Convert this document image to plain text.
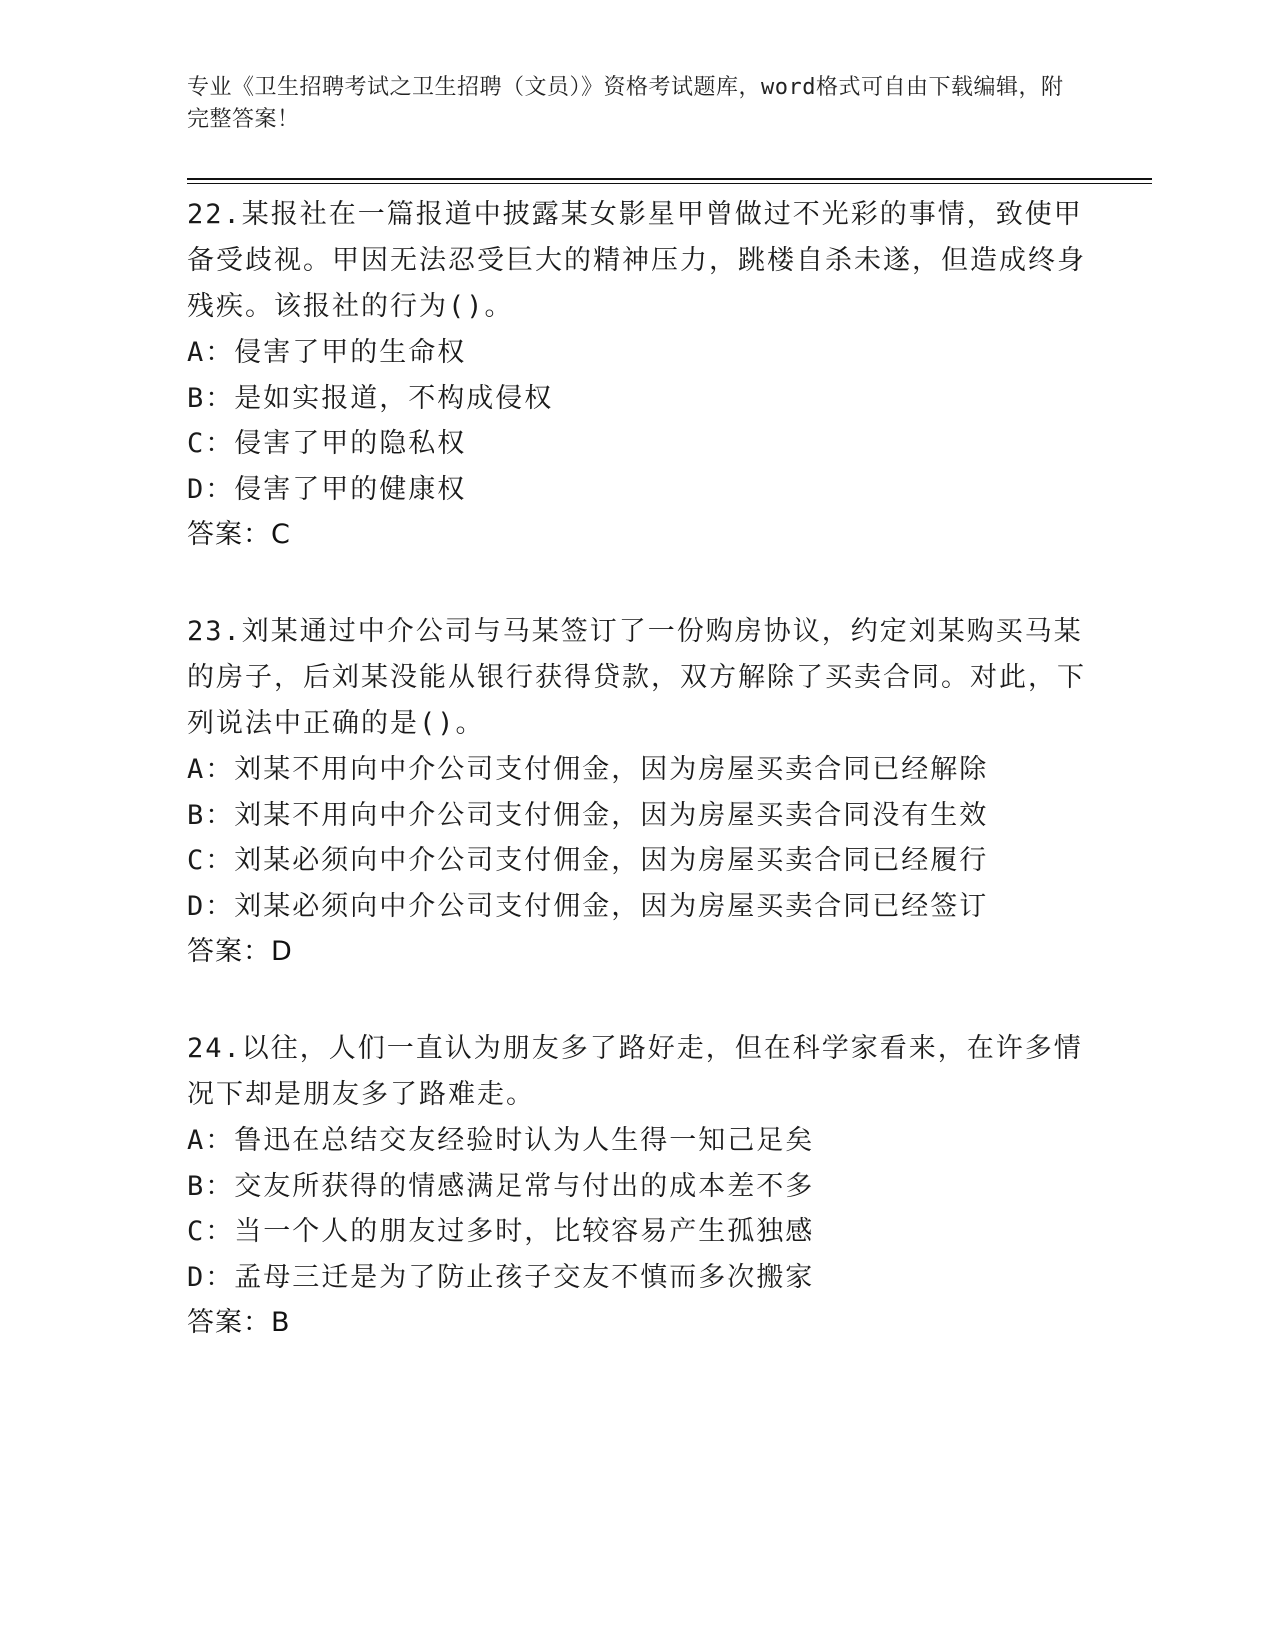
专业《卫生招聘考试之卫生招聘（文员）》资格考试题库，word格式可自由下载编辑，附完整答案！
22.某报社在一篇报道中披露某女影星甲曾做过不光彩的事情，致使甲备受歧视。甲因无法忍受巨大的精神压力，跳楼自杀未遂，但造成终身残疾。该报社的行为()。
A：侵害了甲的生命权
B：是如实报道，不构成侵权
C：侵害了甲的隐私权
D：侵害了甲的健康权
答案：C
23.刘某通过中介公司与马某签订了一份购房协议，约定刘某购买马某的房子，后刘某没能从银行获得贷款，双方解除了买卖合同。对此，下列说法中正确的是()。
A：刘某不用向中介公司支付佣金，因为房屋买卖合同已经解除
B：刘某不用向中介公司支付佣金，因为房屋买卖合同没有生效
C：刘某必须向中介公司支付佣金，因为房屋买卖合同已经履行
D：刘某必须向中介公司支付佣金，因为房屋买卖合同已经签订
答案：D
24.以往，人们一直认为朋友多了路好走，但在科学家看来，在许多情况下却是朋友多了路难走。
A：鲁迅在总结交友经验时认为人生得一知己足矣
B：交友所获得的情感满足常与付出的成本差不多
C：当一个人的朋友过多时，比较容易产生孤独感
D：孟母三迁是为了防止孩子交友不慎而多次搬家
答案：B
